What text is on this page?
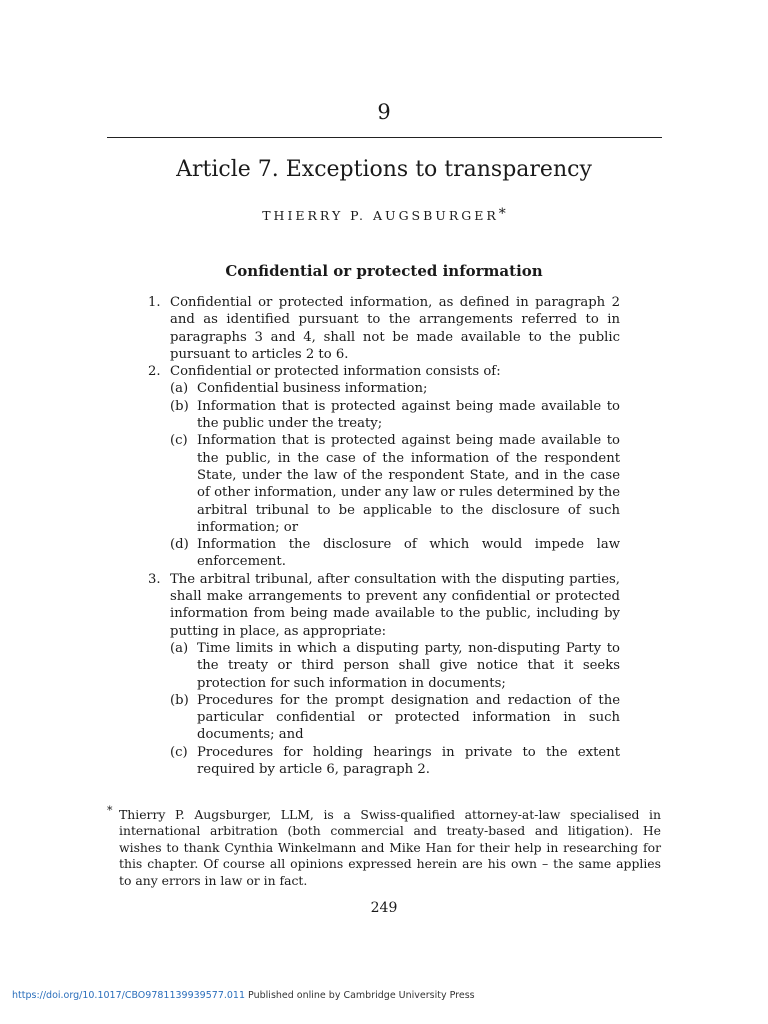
9
Article 7. Exceptions to transparency
THIERRY P. AUGSBURGER*
Confidential or protected information
1. Confidential or protected information, as defined in paragraph 2 and as identified pursuant to the arrangements referred to in paragraphs 3 and 4, shall not be made available to the public pursuant to articles 2 to 6.
2. Confidential or protected information consists of:
(a) Confidential business information;
(b) Information that is protected against being made available to the public under the treaty;
(c) Information that is protected against being made available to the public, in the case of the information of the respondent State, under the law of the respondent State, and in the case of other information, under any law or rules determined by the arbitral tribunal to be applicable to the disclosure of such information; or
(d) Information the disclosure of which would impede law enforcement.
3. The arbitral tribunal, after consultation with the disputing parties, shall make arrangements to prevent any confidential or protected information from being made available to the public, including by putting in place, as appropriate:
(a) Time limits in which a disputing party, non-disputing Party to the treaty or third person shall give notice that it seeks protection for such information in documents;
(b) Procedures for the prompt designation and redaction of the particular confidential or protected information in such documents; and
(c) Procedures for holding hearings in private to the extent required by article 6, paragraph 2.
* Thierry P. Augsburger, LLM, is a Swiss-qualified attorney-at-law specialised in international arbitration (both commercial and treaty-based and litigation). He wishes to thank Cynthia Winkelmann and Mike Han for their help in researching for this chapter. Of course all opinions expressed herein are his own – the same applies to any errors in law or in fact.
249
https://doi.org/10.1017/CBO9781139939577.011 Published online by Cambridge University Press
